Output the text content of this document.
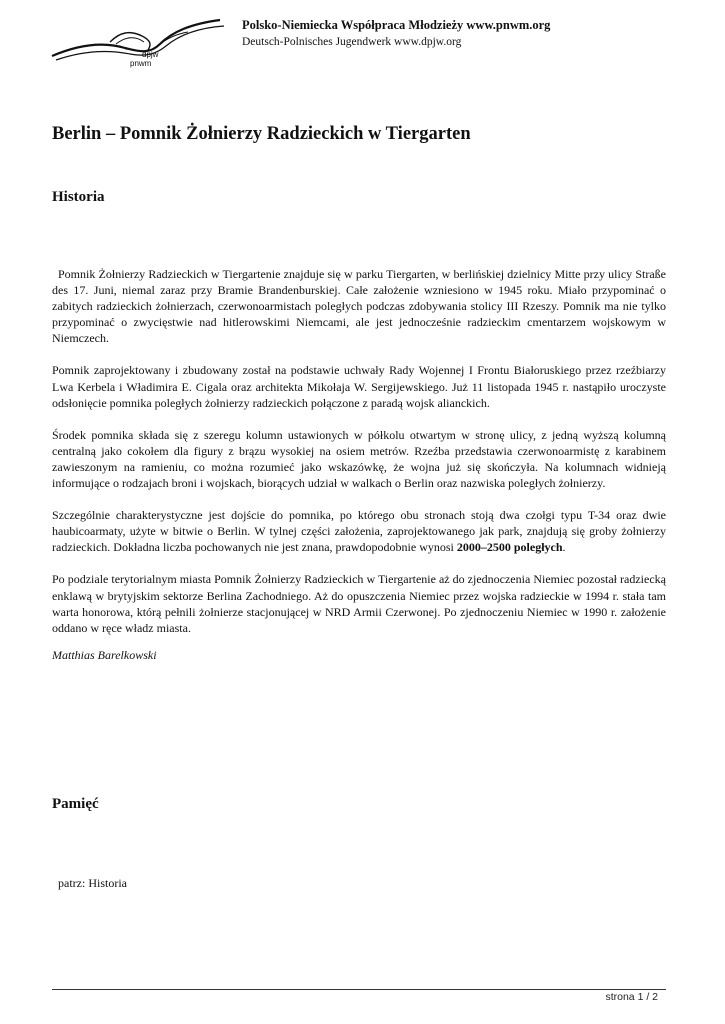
dpjw
pnwm

Polsko-Niemiecka Współpraca Młodzieży www.pnwm.org

Deutsch-Polnisches Jugendwerk www.dpjw.org

Berlin – Pomnik Żołnierzy Radzieckich w Tiergarten
Historia

Pomnik Żołnierzy Radzieckich w Tiergartenie znajduje się w parku Tiergarten, w berlińskiej dzielnicy Mitte przy ulicy Straße des 17. Juni, niemal zaraz przy Bramie Brandenburskiej. Całe założenie wzniesiono w 1945 roku. Miało przypominać o zabitych radzieckich żołnierzach, czerwonoarmistach poległych podczas zdobywania stolicy III Rzeszy. Pomnik ma nie tylko przypominać o zwycięstwie nad hitlerowskimi Niemcami, ale jest jednocześnie radzieckim cmentarzem wojskowym w Niemczech.

Pomnik zaprojektowany i zbudowany został na podstawie uchwały Rady Wojennej I Frontu Białoruskiego przez rzeźbiarzy Lwa Kerbela i Władimira E. Cigala oraz architekta Mikołaja W. Sergijewskiego. Już 11 listopada 1945 r. nastąpiło uroczyste odsłonięcie pomnika poległych żołnierzy radzieckich połączone z paradą wojsk alianckich.

Środek pomnika składa się z szeregu kolumn ustawionych w półkolu otwartym w stronę ulicy, z jedną wyższą kolumną centralną jako cokołem dla figury z brązu wysokiej na osiem metrów. Rzeźba przedstawia czerwonoarmistę z karabinem zawieszonym na ramieniu, co można rozumieć jako wskazówkę, że wojna już się skończyła. Na kolumnach widnieją informujące o rodzajach broni i wojskach, biorących udział w walkach o Berlin oraz nazwiska poległych żołnierzy.

Szczególnie charakterystyczne jest dojście do pomnika, po którego obu stronach stoją dwa czołgi typu T-34 oraz dwie haubicoarmaty, użyte w bitwie o Berlin. W tylnej części założenia, zaprojektowanego jak park, znajdują się groby żołnierzy radzieckich. Dokładna liczba pochowanych nie jest znana, prawdopodobnie wynosi 2000–2500 poległych.

Po podziale terytorialnym miasta Pomnik Żołnierzy Radzieckich w Tiergartenie aż do zjednoczenia Niemiec pozostał radziecką enklawą w brytyjskim sektorze Berlina Zachodniego. Aż do opuszczenia Niemiec przez wojska radzieckie w 1994 r. stała tam warta honorowa, którą pełnili żołnierze stacjonującej w NRD Armii Czerwonej. Po zjednoczeniu Niemiec w 1990 r. założenie oddano w ręce władz miasta.

Matthias Barelkowski
Pamięć
patrz: Historia
strona 1 / 2
